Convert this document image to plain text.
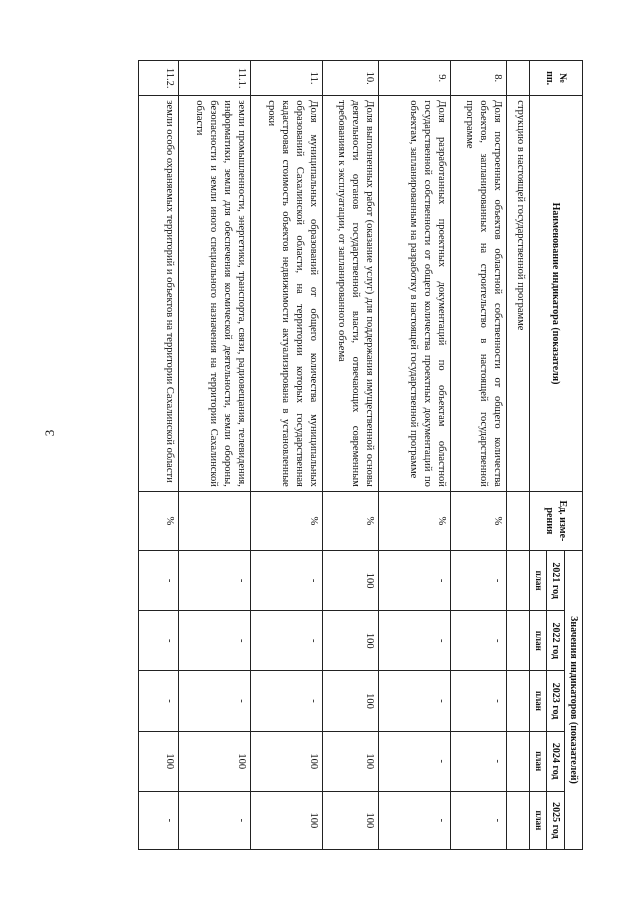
3
№ пп.	Наименование индикатора (показателя)	Ед. изме-рения	Значения индикаторов (показателей)				
			2021 год	2022 год	2023 год	2024 год	2025 год
			план	план	план	план	план
	струкцию в настоящей государственной программе						
8.	Доля построенных объектов областной собственности от общего количества объектов, запланированных на строительство в настоящей государственной программе	%	-	-	-	-	-
9.	Доля разработанных проектных документаций по объектам областной государственной собственности от общего количества проектных документаций по объектам, запланированным на разработку в настоящей государственной программе	%	-	-	-	-	-
10.	Доля выполненных работ (оказание услуг) для поддержания имущественной основы деятельности органов государственной власти, отвечающих современным требованиям к эксплуатации, от запланированного объема	%	100	100	100	100	100
11.	Доля муниципальных образований от общего количества муниципальных образований Сахалинской области, на территории которых государственная кадастровая стоимость объектов недвижимости актуализирована в установленные сроки	%	-	-	-	100	100
11.1.	земли промышленности, энергетики, транспорта, связи, радиовещания, телевидения, информатики, земли для обеспечения космической деятельности, земли обороны, безопасности и земли иного специального назначения на территории Сахалинской области		-	-	-	100	-
11.2.	земли особо охраняемых территорий и объектов на территории Сахалинской области	%	-	-	-	100	-
